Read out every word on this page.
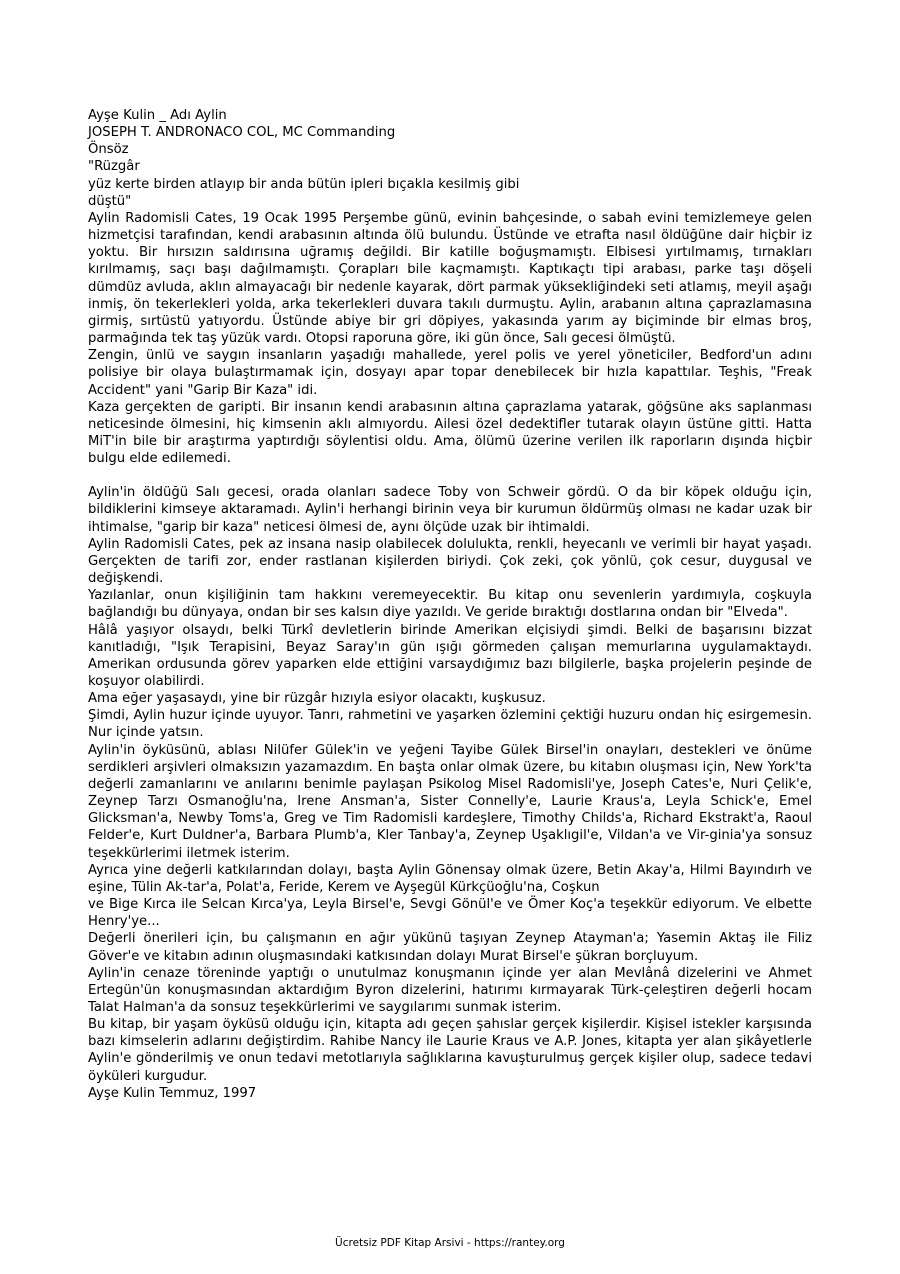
Ayşe Kulin _ Adı Aylin

JOSEPH T. ANDRONACO COL, MC Commanding

Önsöz

"Rüzgâr

yüz kerte birden atlayıp bir anda bütün ipleri bıçakla kesilmiş gibi

düştü"

Aylin Radomisli Cates, 19 Ocak 1995 Perşembe günü, evinin bahçesinde, o sabah evini temizlemeye gelen hizmetçisi tarafından, kendi arabasının altında ölü bulundu. Üstünde ve etrafta nasıl öldüğüne dair hiçbir iz yoktu. Bir hırsızın saldırısına uğramış değildi. Bir katille boğuşmamıştı. Elbisesi yırtılmamış, tırnakları kırılmamış, saçı başı dağılmamıştı. Çorapları bile kaçmamıştı. Kaptıkaçtı tipi arabası, parke taşı döşeli dümdüz avluda, aklın almayacağı bir nedenle kayarak, dört parmak yüksekliğindeki seti atlamış, meyil aşağı inmiş, ön tekerlekleri yolda, arka tekerlekleri duvara takılı durmuştu. Aylin, arabanın altına çaprazlamasına girmiş, sırtüstü yatıyordu. Üstünde abiye bir gri döpiyes, yakasında yarım ay biçiminde bir elmas broş, parmağında tek taş yüzük vardı. Otopsi raporuna göre, iki gün önce, Salı gecesi ölmüştü.

Zengin, ünlü ve saygın insanların yaşadığı mahallede, yerel polis ve yerel yöneticiler, Bedford'un adını polisiye bir olaya bulaştırmamak için, dosyayı apar topar denebilecek bir hızla kapattılar. Teşhis, "Freak Accident" yani "Garip Bir Kaza" idi.

Kaza gerçekten de garipti. Bir insanın kendi arabasının altına çaprazlama yatarak, göğsüne aks saplanması neticesinde ölmesini, hiç kimsenin aklı almıyordu. Ailesi özel dedektifler tutarak olayın üstüne gitti. Hatta MiT'in bile bir araştırma yaptırdığı söylentisi oldu. Ama, ölümü üzerine verilen ilk raporların dışında hiçbir bulgu elde edilemedi.

Aylin'in öldüğü Salı gecesi, orada olanları sadece Toby von Schweir gördü. O da bir köpek olduğu için, bildiklerini kimseye aktaramadı. Aylin'i herhangi birinin veya bir kurumun öldürmüş olması ne kadar uzak bir ihtimalse, "garip bir kaza" neticesi ölmesi de, aynı ölçüde uzak bir ihtimaldi.

Aylin Radomisli Cates, pek az insana nasip olabilecek dolulukta, renkli, heyecanlı ve verimli bir hayat yaşadı. Gerçekten de tarifi zor, ender rastlanan kişilerden biriydi. Çok zeki, çok yönlü, çok cesur, duygusal ve değişkendi.

Yazılanlar, onun kişiliğinin tam hakkını veremeyecektir. Bu kitap onu sevenlerin yardımıyla, coşkuyla bağlandığı bu dünyaya, ondan bir ses kalsın diye yazıldı. Ve geride bıraktığı dostlarına ondan bir "Elveda".

Hâlâ yaşıyor olsaydı, belki Türkî devletlerin birinde Amerikan elçisiydi şimdi. Belki de başarısını bizzat kanıtladığı, "Işık Terapisini, Beyaz Saray'ın gün ışığı görmeden çalışan memurlarına uygulamaktaydı. Amerikan ordusunda görev yaparken elde ettiğini varsaydığımız bazı bilgilerle, başka projelerin peşinde de koşuyor olabilirdi.

Ama eğer yaşasaydı, yine bir rüzgâr hızıyla esiyor olacaktı, kuşkusuz.

Şimdi, Aylin huzur içinde uyuyor. Tanrı, rahmetini ve yaşarken özlemini çektiği huzuru ondan hiç esirgemesin. Nur içinde yatsın.

Aylin'in öyküsünü, ablası Nilüfer Gülek'in ve yeğeni Tayibe Gülek Birsel'in onayları, destekleri ve önüme serdikleri arşivleri olmaksızın yazamazdım. En başta onlar olmak üzere, bu kitabın oluşması için, New York'ta değerli zamanlarını ve anılarını benimle paylaşan Psikolog Misel Radomisli'ye, Joseph Cates'e, Nuri Çelik'e, Zeynep Tarzı Osmanoğlu'na, Irene Ansman'a, Sister Connelly'e, Laurie Kraus'a, Leyla Schick'e, Emel Glicksman'a, Newby Toms'a, Greg ve Tim Radomisli kardeşlere, Timothy Childs'a, Richard Ekstrakt'a, Raoul Felder'e, Kurt Duldner'a, Barbara Plumb'a, Kler Tanbay'a, Zeynep Uşaklıgil'e, Vildan'a ve Vir-ginia'ya sonsuz teşekkürlerimi iletmek isterim.

Ayrıca yine değerli katkılarından dolayı, başta Aylin Gönensay olmak üzere, Betin Akay'a, Hilmi Bayındırh ve eşine, Tülin Ak-tar'a, Polat'a, Feride, Kerem ve Ayşegül Kürkçüoğlu'na, Coşkun

ve Bige Kırca ile Selcan Kırca'ya, Leyla Birsel'e, Sevgi Gönül'e ve Ömer Koç'a teşekkür ediyorum. Ve elbette Henry'ye...

Değerli önerileri için, bu çalışmanın en ağır yükünü taşıyan Zeynep Atayman'a; Yasemin Aktaş ile Filiz Göver'e ve kitabın adının oluşmasındaki katkısından dolayı Murat Birsel'e şükran borçluyum.

Aylin'in cenaze töreninde yaptığı o unutulmaz konuşmanın içinde yer alan Mevlânâ dizelerini ve Ahmet Ertegün'ün konuşmasından aktardığım Byron dizelerini, hatırımı kırmayarak Türk-çeleştiren değerli hocam Talat Halman'a da sonsuz teşekkürlerimi ve saygılarımı sunmak isterim.

Bu kitap, bir yaşam öyküsü olduğu için, kitapta adı geçen şahıslar gerçek kişilerdir. Kişisel istekler karşısında bazı kimselerin adlarını değiştirdim. Rahibe Nancy ile Laurie Kraus ve A.P. Jones, kitapta yer alan şikâyetlerle Aylin'e gönderilmiş ve onun tedavi metotlarıyla sağlıklarına kavuşturulmuş gerçek kişiler olup, sadece tedavi öyküleri kurgudur.

Ayşe Kulin Temmuz, 1997

Ücretsiz PDF Kitap Arsivi - https://rantey.org
